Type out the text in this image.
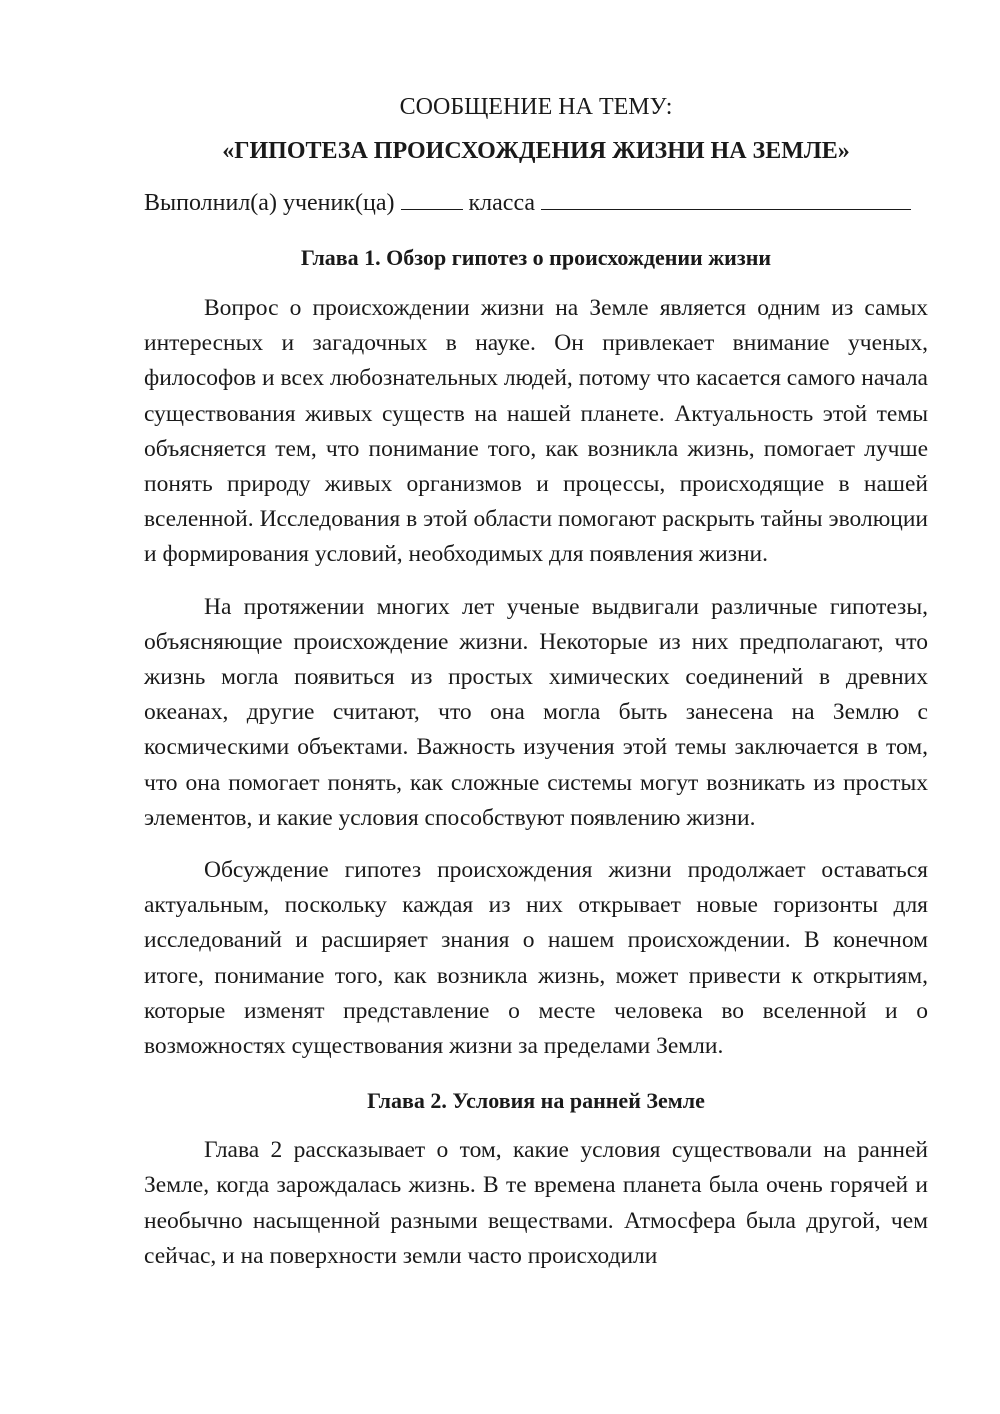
СООБЩЕНИЕ НА ТЕМУ:

«ГИПОТЕЗА ПРОИСХОЖДЕНИЯ ЖИЗНИ НА ЗЕМЛЕ»

Выполнил(а) ученик(ца)	класса
Глава 1. Обзор гипотез о происхождении жизни

Вопрос о происхождении жизни на Земле является одним из самых интересных и загадочных в науке. Он привлекает внимание ученых, философов и всех любознательных людей, потому что касается самого начала существования живых существ на нашей планете. Актуальность этой темы объясняется тем, что понимание того, как возникла жизнь, помогает лучше понять природу живых организмов и процессы, происходящие в нашей вселенной. Исследования в этой области помогают раскрыть тайны эволюции и формирования условий, необходимых для появления жизни.

На протяжении многих лет ученые выдвигали различные гипотезы, объясняющие происхождение жизни. Некоторые из них предполагают, что жизнь могла появиться из простых химических соединений в древних океанах, другие считают, что она могла быть занесена на Землю с космическими объектами. Важность изучения этой темы заключается в том, что она помогает понять, как сложные системы могут возникать из простых элементов, и какие условия способствуют появлению жизни.

Обсуждение гипотез происхождения жизни продолжает оставаться актуальным, поскольку каждая из них открывает новые горизонты для исследований и расширяет знания о нашем происхождении. В конечном итоге, понимание того, как возникла жизнь, может привести к открытиям, которые изменят представление о месте человека во вселенной и о возможностях существования жизни за пределами Земли.

Глава 2. Условия на ранней Земле

Глава 2 рассказывает о том, какие условия существовали на ранней Земле, когда зарождалась жизнь. В те времена планета была очень горячей и необычно насыщенной разными веществами. Атмосфера была другой, чем сейчас, и на поверхности земли часто происходили
